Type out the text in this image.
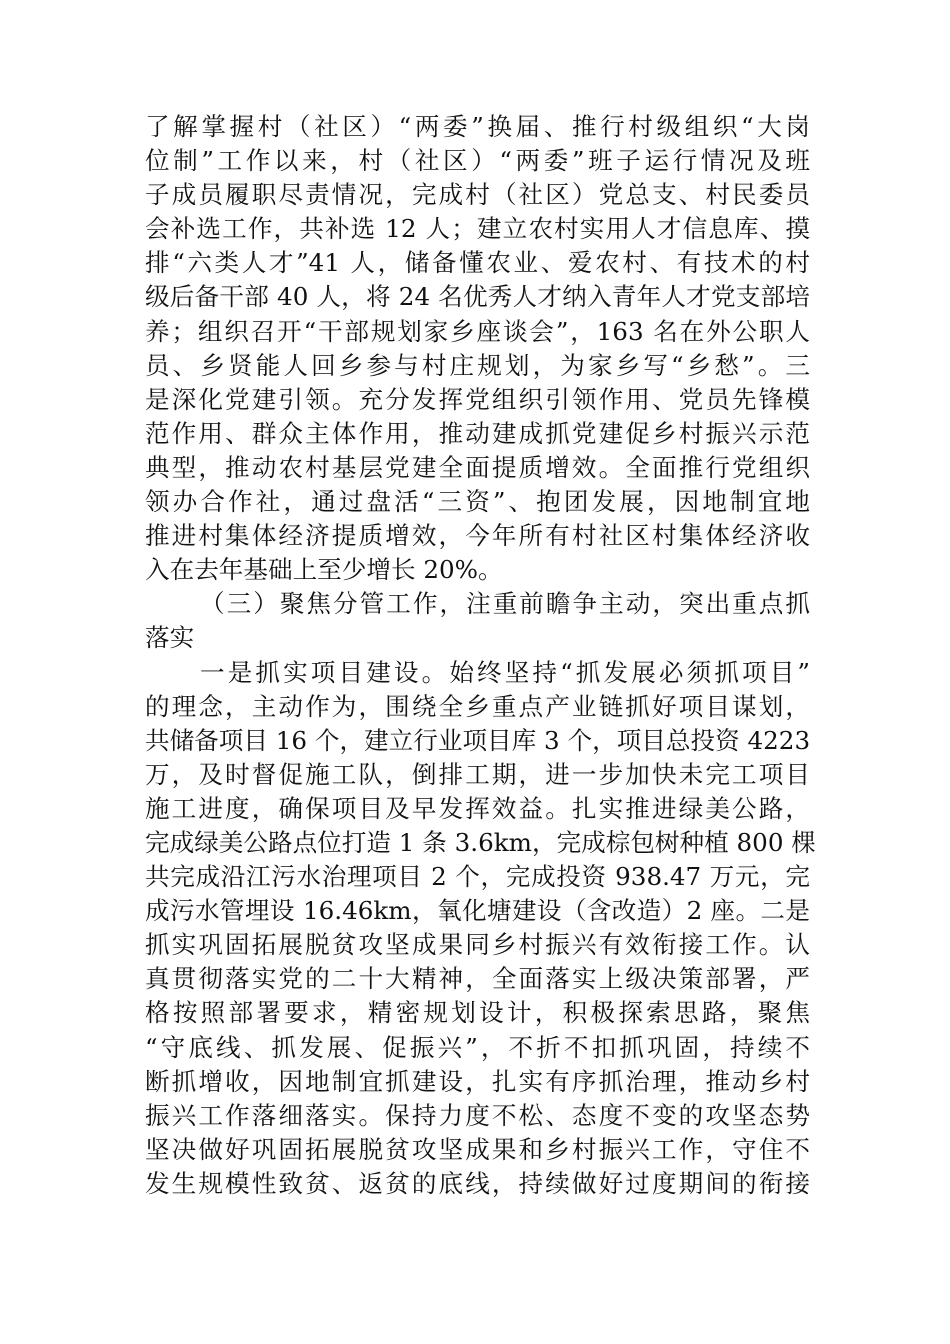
了解掌握村（社区）“两委”换届、推行村级组织“大岗
位制”工作以来，村（社区）“两委”班子运行情况及班
子成员履职尽责情况，完成村（社区）党总支、村民委员
会补选工作，共补选 12 人；建立农村实用人才信息库、摸
排“六类人才”41 人，储备懂农业、爱农村、有技术的村
级后备干部 40 人，将 24 名优秀人才纳入青年人才党支部培
养；组织召开“干部规划家乡座谈会”，163 名在外公职人
员、乡贤能人回乡参与村庄规划，为家乡写“乡愁”。三
是深化党建引领。充分发挥党组织引领作用、党员先锋模
范作用、群众主体作用，推动建成抓党建促乡村振兴示范
典型，推动农村基层党建全面提质增效。全面推行党组织
领办合作社，通过盘活“三资”、抱团发展，因地制宜地
推进村集体经济提质增效，今年所有村社区村集体经济收
入在去年基础上至少增长 20%。
（三）聚焦分管工作，注重前瞻争主动，突出重点抓
落实
一是抓实项目建设。始终坚持“抓发展必须抓项目”
的理念，主动作为，围绕全乡重点产业链抓好项目谋划，
共储备项目 16 个，建立行业项目库 3 个，项目总投资 4223
万，及时督促施工队，倒排工期，进一步加快未完工项目
施工进度，确保项目及早发挥效益。扎实推进绿美公路，
完成绿美公路点位打造 1 条 3.6km，完成棕包树种植 800 棵
共完成沿江污水治理项目 2 个，完成投资 938.47 万元，完
成污水管埋设 16.46km，氧化塘建设（含改造）2 座。二是
抓实巩固拓展脱贫攻坚成果同乡村振兴有效衔接工作。认
真贯彻落实党的二十大精神，全面落实上级决策部署，严
格按照部署要求，精密规划设计，积极探索思路，聚焦
“守底线、抓发展、促振兴”，不折不扣抓巩固，持续不
断抓增收，因地制宜抓建设，扎实有序抓治理，推动乡村
振兴工作落细落实。保持力度不松、态度不变的攻坚态势
坚决做好巩固拓展脱贫攻坚成果和乡村振兴工作，守住不
发生规模性致贫、返贫的底线，持续做好过度期间的衔接
